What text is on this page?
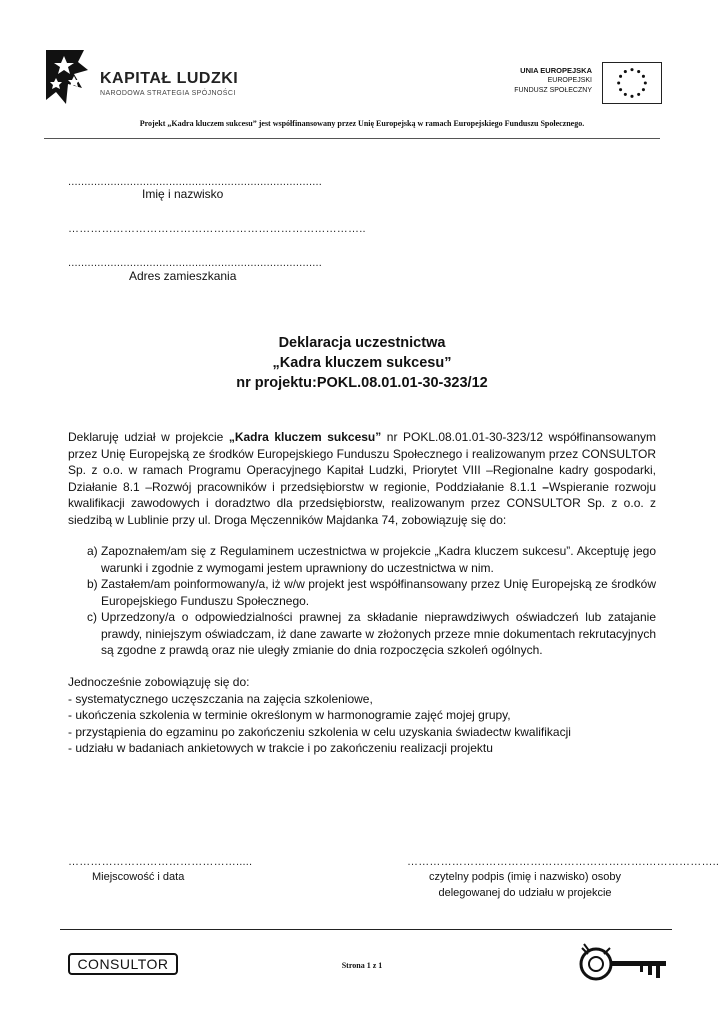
KAPITAŁ LUDZKI
NARODOWA STRATEGIA SPÓJNOŚCI
UNIA EUROPEJSKA
EUROPEJSKI
FUNDUSZ SPOŁECZNY
Projekt „Kadra kluczem sukcesu” jest współfinansowany przez Unię Europejską w ramach Europejskiego Funduszu Społecznego.
..............................................................................
Imię i nazwisko
……………………………………………………………………..
..............................................................................
Adres zamieszkania
Deklaracja uczestnictwa
„Kadra kluczem sukcesu”
nr projektu:POKL.08.01.01-30-323/12
Deklaruję udział w projekcie „Kadra kluczem sukcesu” nr POKL.08.01.01-30-323/12 współfinansowanym przez Unię Europejską ze środków Europejskiego Funduszu Społecznego i realizowanym przez CONSULTOR Sp. z o.o. w ramach Programu Operacyjnego Kapitał Ludzki, Priorytet VIII –Regionalne kadry gospodarki, Działanie 8.1 –Rozwój pracowników i przedsiębiorstw w regionie, Poddziałanie 8.1.1 –Wspieranie rozwoju kwalifikacji zawodowych i doradztwo dla przedsiębiorstw, realizowanym przez CONSULTOR Sp. z o.o. z siedzibą w Lublinie przy ul. Droga Męczenników Majdanka 74, zobowiązuję się do:
a) Zapoznałem/am się z Regulaminem uczestnictwa w projekcie „Kadra kluczem sukcesu”. Akceptuję jego warunki i zgodnie z wymogami jestem uprawniony do uczestnictwa w nim.
b) Zastałem/am poinformowany/a, iż w/w projekt jest współfinansowany przez Unię Europejską ze środków Europejskiego Funduszu Społecznego.
c) Uprzedzony/a o odpowiedzialności prawnej za składanie nieprawdziwych oświadczeń lub zatajanie prawdy, niniejszym oświadczam, iż dane zawarte w złożonych przeze mnie dokumentach rekrutacyjnych są zgodne z prawdą oraz nie uległy zmianie do dnia rozpoczęcia szkoleń ogólnych.
Jednocześnie zobowiązuję się do:
- systematycznego uczęszczania na zajęcia szkoleniowe,
- ukończenia szkolenia w terminie określonym w harmonogramie zajęć mojej grupy,
- przystąpienia do egzaminu po zakończeniu szkolenia w celu uzyskania świadectw kwalifikacji
- udziału w badaniach ankietowych w trakcie i po zakończeniu realizacji projektu
……………………………………….....
Miejscowość i data
……………………………………………………….………………..
czytelny podpis (imię i nazwisko) osoby
delegowanej do udziału w projekcie
CONSULTOR	Strona 1 z 1
